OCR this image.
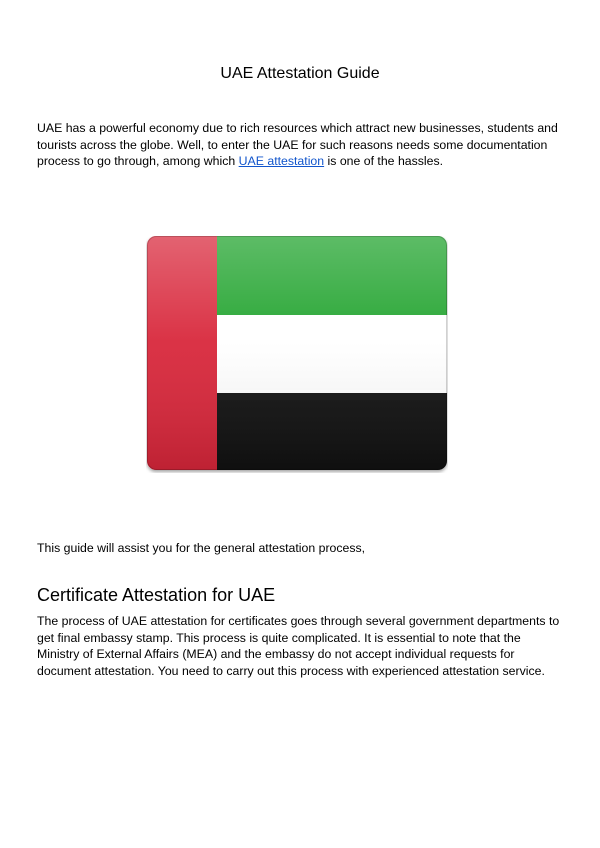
UAE Attestation Guide
UAE has a powerful economy due to rich resources which attract new businesses, students and tourists across the globe. Well, to enter the UAE for such reasons needs some documentation process to go through, among which UAE attestation is one of the hassles.
This guide will assist you for the general attestation process,
Certificate Attestation for UAE
The process of UAE attestation for certificates goes through several government departments to get final embassy stamp. This process is quite complicated. It is essential to note that the Ministry of External Affairs (MEA) and the embassy do not accept individual requests for document attestation. You need to carry out this process with experienced attestation service.
